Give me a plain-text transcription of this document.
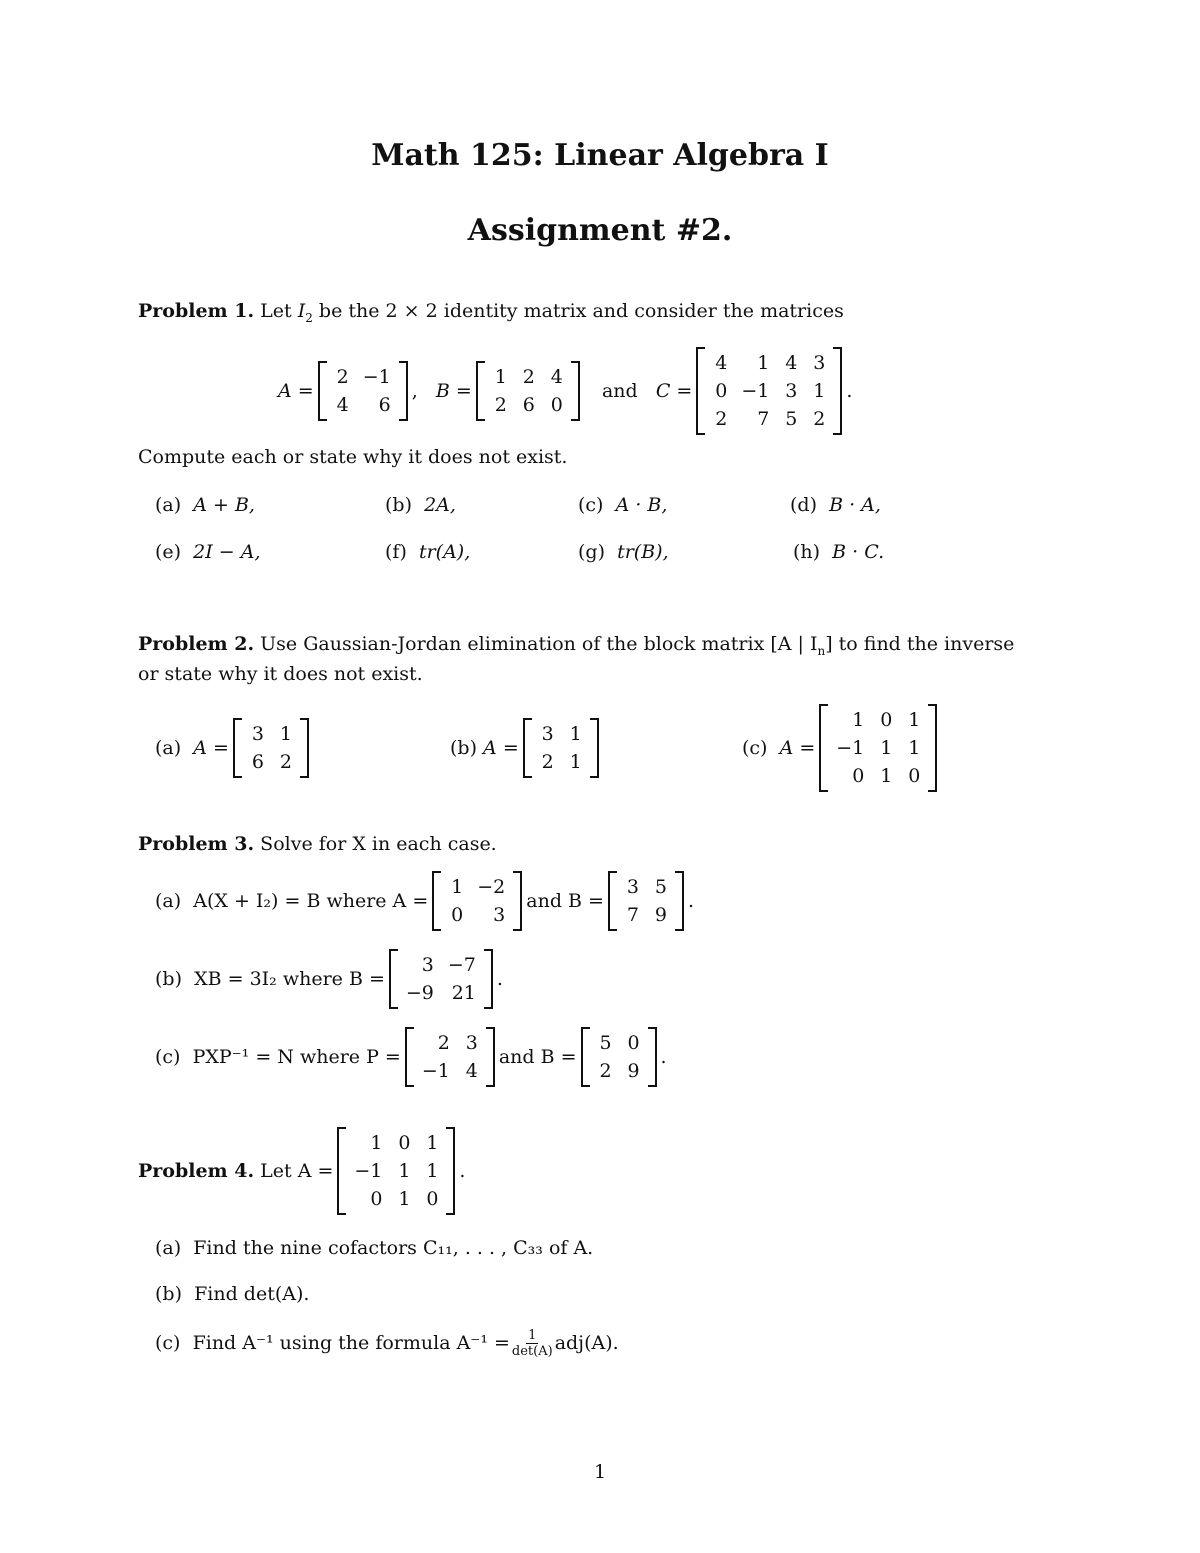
Math 125: Linear Algebra I
Assignment #2.
Problem 1. Let $I_2$ be the 2 × 2 identity matrix and consider the matrices
A =
2 −1
4	6
, B =
1 2 4
2 6 0

and
C =
4	1 4 3
0 −1 3 1
2	7 5 2
.
Compute each or state why it does not exist.
(a) A + B,	(b) 2A,	(c) A · B,	(d) B · A,
(e) 2I − A,	(f) tr(A),	(g) tr(B),	(h) B · C.
Problem 2. Use Gaussian-Jordan elimination of the block matrix [A | $I_n$] to find the inverse
or state why it does not exist.
(a)
A =
3 1
6 2
(b)
A =
3 1
2 1
(c)
A =
1 0 1
−1 1 1
0 1 0
Problem 3. Solve for X in each case.
(a)
A(X + I₂) = B where A =
1 −2
0	3
and B =
3 5
7 9
.
(b)
XB = 3I₂ where B =
3 −7
−9 21
.
(c)
PXP⁻¹ = N where P =
2 3
−1 4
and B =
5 0
2 9
.
Problem 4.
Let A =
1 0 1
−1 1 1
0 1 0
.
(a) Find the nine cofactors C₁₁, . . . , C₃₃ of A.
(b) Find det(A).
(c)
Find A⁻¹ using the formula $A^{-1} = \frac{1}{\det(A)} adj(A)$.
1
